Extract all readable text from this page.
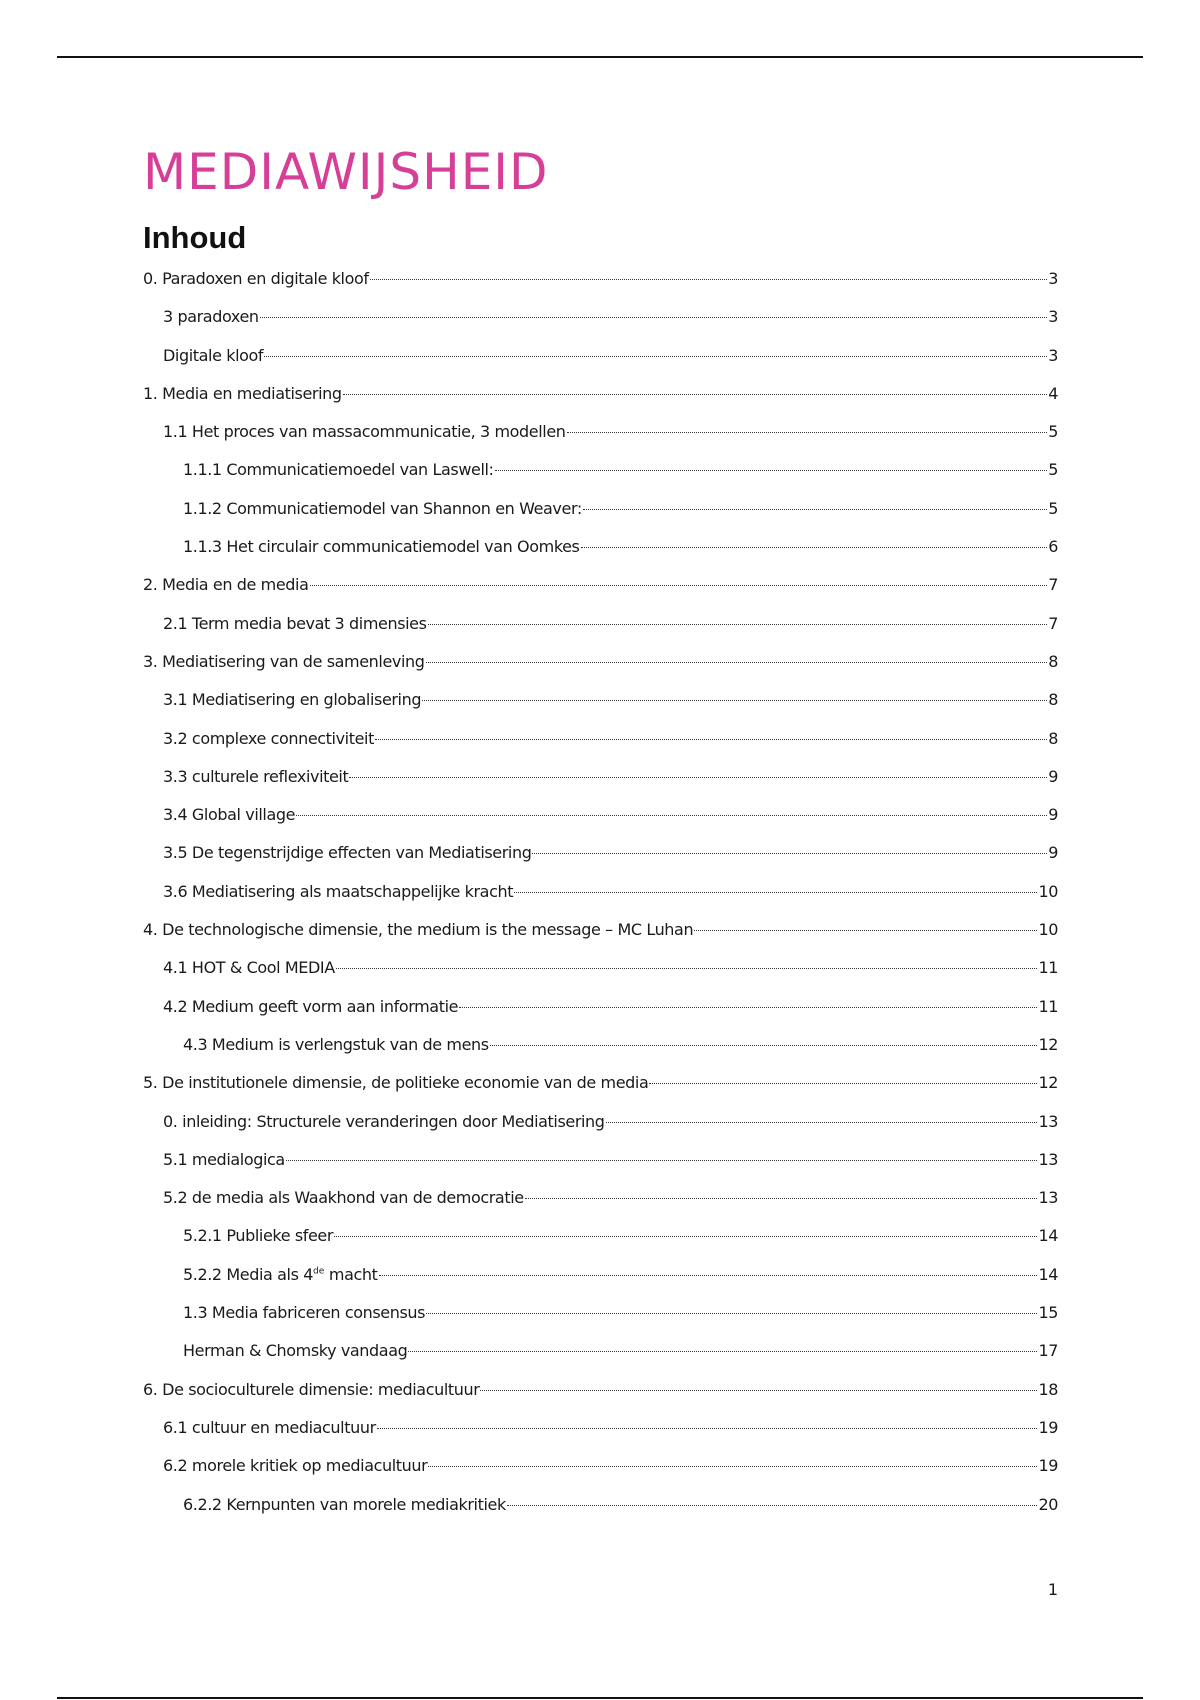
MEDIAWIJSHEID
Inhoud
0. Paradoxen en digitale kloof	3
3 paradoxen	3
Digitale kloof	3
1. Media en mediatisering	4
1.1 Het proces van massacommunicatie, 3 modellen	5
1.1.1 Communicatiemoedel van Laswell:	5
1.1.2 Communicatiemodel van Shannon en Weaver:	5
1.1.3 Het circulair communicatiemodel van Oomkes	6
2. Media en de media	7
2.1 Term media bevat 3 dimensies	7
3. Mediatisering van de samenleving	8
3.1 Mediatisering en globalisering	8
3.2 complexe connectiviteit	8
3.3 culturele reflexiviteit	9
3.4 Global village	9
3.5 De tegenstrijdige effecten van Mediatisering	9
3.6 Mediatisering als maatschappelijke kracht	10
4. De technologische dimensie, the medium is the message – MC Luhan	10
4.1 HOT & Cool MEDIA	11
4.2 Medium geeft vorm aan informatie	11
4.3 Medium is verlengstuk van de mens	12
5. De institutionele dimensie, de politieke economie van de media	12
0. inleiding: Structurele veranderingen door Mediatisering	13
5.1 medialogica	13
5.2 de media als Waakhond van de democratie	13
5.2.1 Publieke sfeer	14
5.2.2 Media als 4de macht	14
1.3 Media fabriceren consensus	15
Herman & Chomsky vandaag	17
6. De socioculturele dimensie: mediacultuur	18
6.1 cultuur en mediacultuur	19
6.2 morele kritiek op mediacultuur	19
6.2.2 Kernpunten van morele mediakritiek	20
1
